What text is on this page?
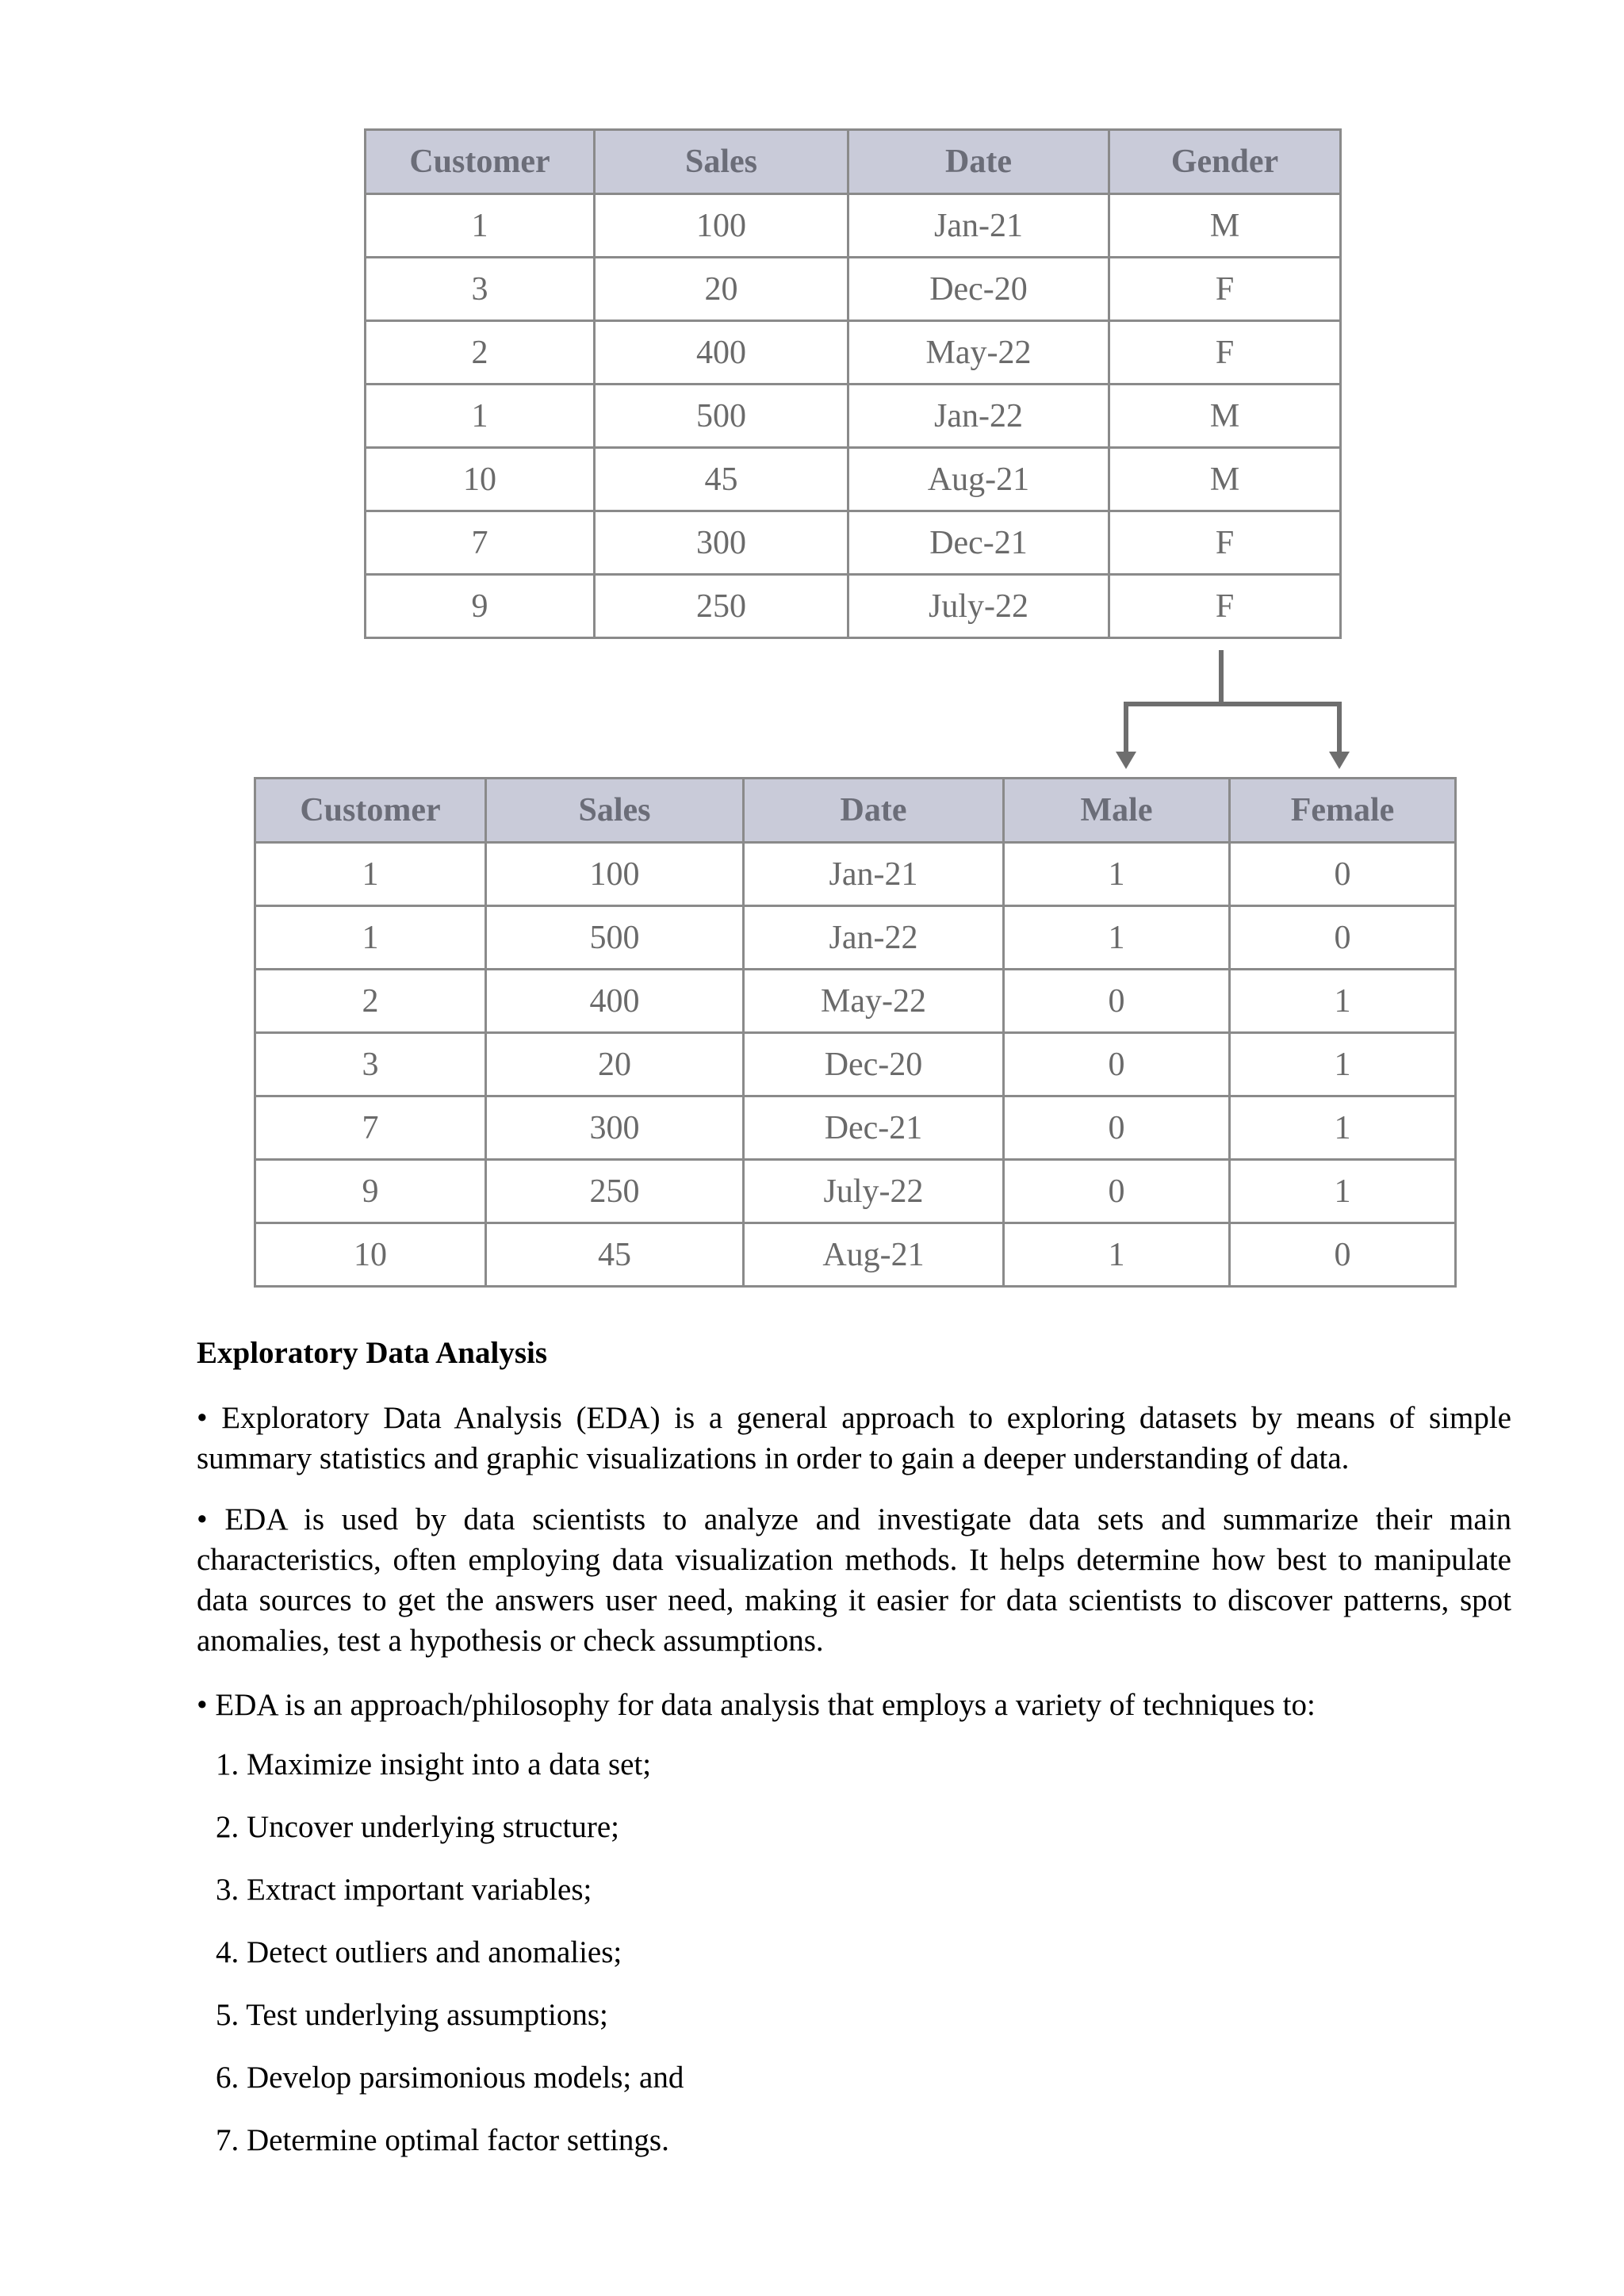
Customer	Sales	Date	Gender
1	100	Jan-21	M
3	20	Dec-20	F
2	400	May-22	F
1	500	Jan-22	M
10	45	Aug-21	M
7	300	Dec-21	F
9	250	July-22	F
Customer	Sales	Date	Male	Female
1	100	Jan-21	1	0
1	500	Jan-22	1	0
2	400	May-22	0	1
3	20	Dec-20	0	1
7	300	Dec-21	0	1
9	250	July-22	0	1
10	45	Aug-21	1	0
Exploratory Data Analysis

• Exploratory Data Analysis (EDA) is a general approach to exploring datasets by means of simple summary statistics and graphic visualizations in order to gain a deeper understanding of data.

• EDA is used by data scientists to analyze and investigate data sets and summarize their main characteristics, often employing data visualization methods. It helps determine how best to manipulate data sources to get the answers user need, making it easier for data scientists to discover patterns, spot anomalies, test a hypothesis or check assumptions.

• EDA is an approach/philosophy for data analysis that employs a variety of techniques to:

1. Maximize insight into a data set;
2. Uncover underlying structure;
3. Extract important variables;
4. Detect outliers and anomalies;
5. Test underlying assumptions;
6. Develop parsimonious models; and
7. Determine optimal factor settings.
